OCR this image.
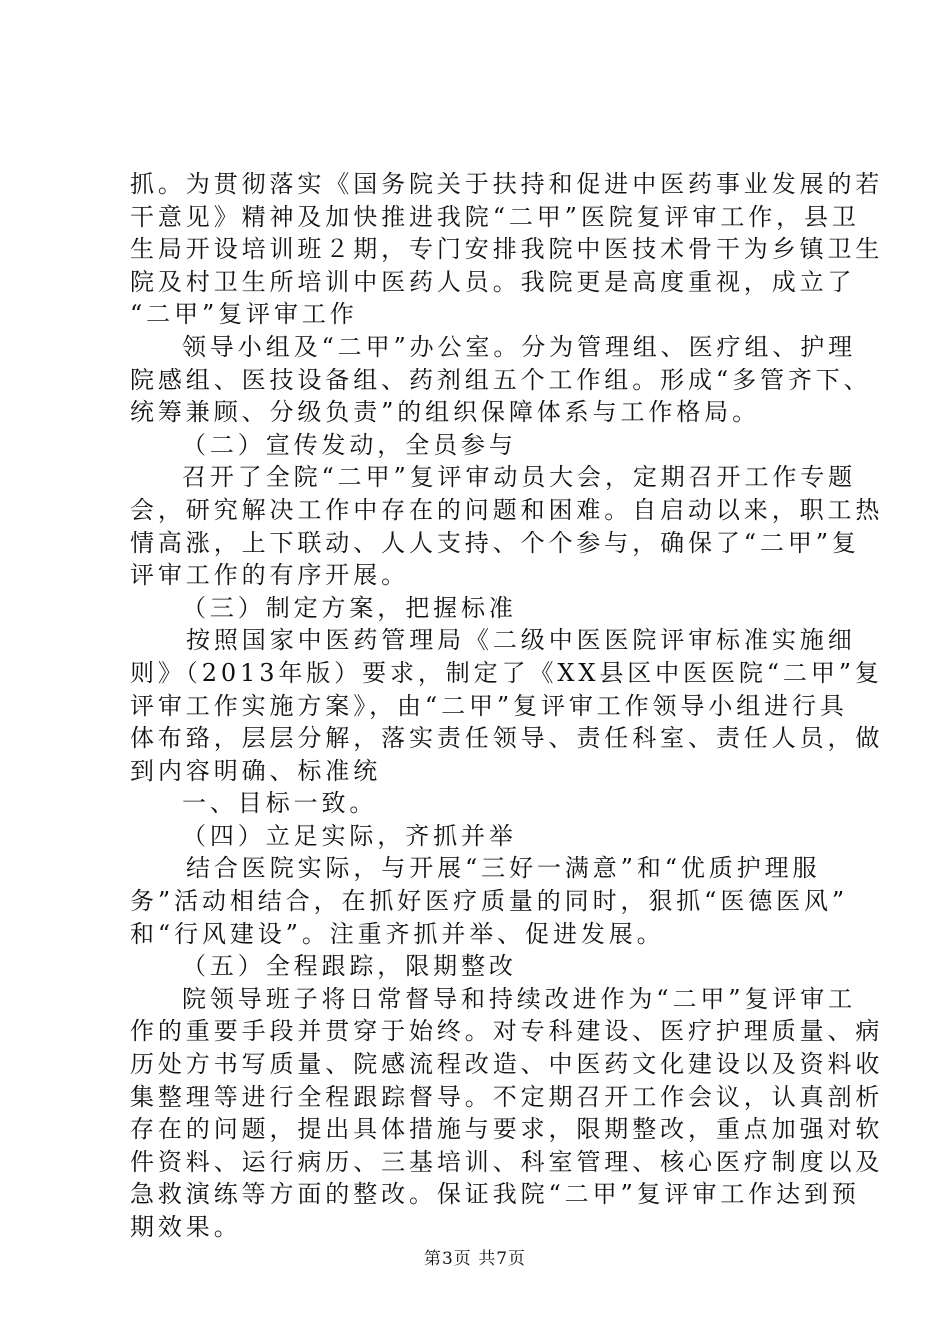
抓。为贯彻落实《国务院关于扶持和促进中医药事业发展的若
干意见》精神及加快推进我院“二甲”医院复评审工作，县卫
生局开设培训班２期，专门安排我院中医技术骨干为乡镇卫生
院及村卫生所培训中医药人员。我院更是高度重视，成立了
“二甲”复评审工作
领导小组及“二甲”办公室。分为管理组、医疗组、护理
院感组、医技设备组、药剂组五个工作组。形成“多管齐下、
统筹兼顾、分级负责”的组织保障体系与工作格局。
（二）宣传发动，全员参与
召开了全院“二甲”复评审动员大会，定期召开工作专题
会，研究解决工作中存在的问题和困难。自启动以来，职工热
情高涨，上下联动、人人支持、个个参与，确保了“二甲”复
评审工作的有序开展。
（三）制定方案，把握标准
按照国家中医药管理局《二级中医医院评审标准实施细
则》（2013年版）要求，制定了《XX县区中医医院“二甲”复
评审工作实施方案》，由“二甲”复评审工作领导小组进行具
体布臵，层层分解，落实责任领导、责任科室、责任人员，做
到内容明确、标准统
一、目标一致。
（四）立足实际，齐抓并举
结合医院实际，与开展“三好一满意”和“优质护理服
务”活动相结合，在抓好医疗质量的同时，狠抓“医德医风”
和“行风建设”。注重齐抓并举、促进发展。
（五）全程跟踪，限期整改
院领导班子将日常督导和持续改进作为“二甲”复评审工
作的重要手段并贯穿于始终。对专科建设、医疗护理质量、病
历处方书写质量、院感流程改造、中医药文化建设以及资料收
集整理等进行全程跟踪督导。不定期召开工作会议，认真剖析
存在的问题，提出具体措施与要求，限期整改，重点加强对软
件资料、运行病历、三基培训、科室管理、核心医疗制度以及
急救演练等方面的整改。保证我院“二甲”复评审工作达到预
期效果。
第3页 共7页
